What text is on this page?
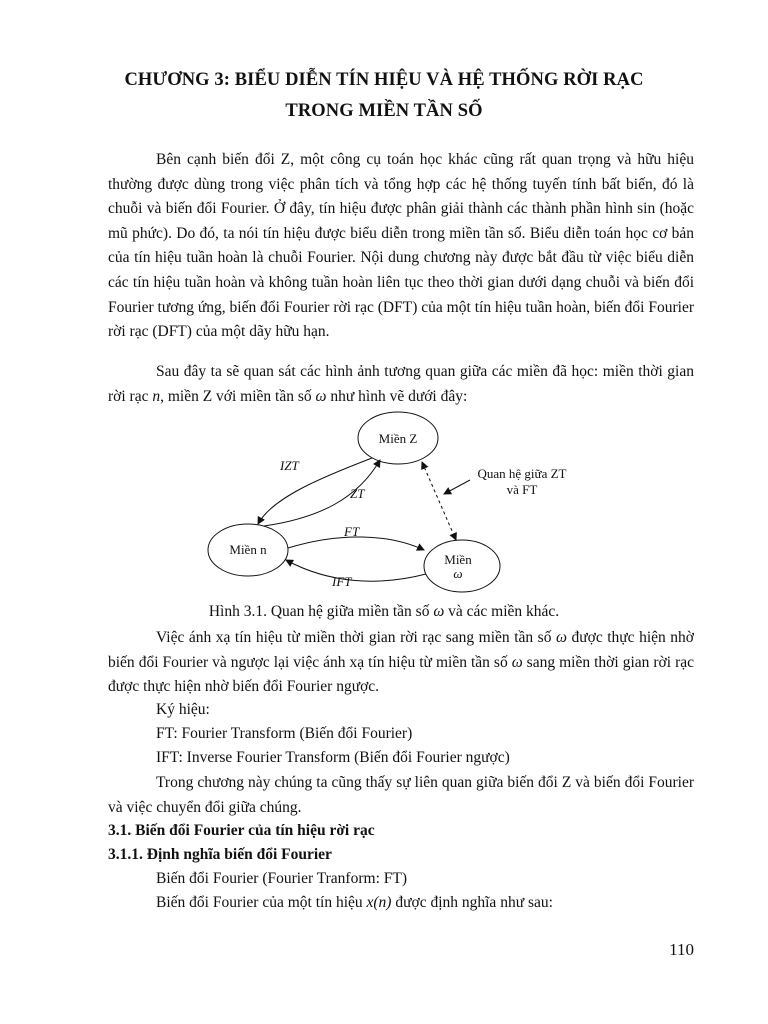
CHƯƠNG 3: BIỂU DIỄN TÍN HIỆU VÀ HỆ THỐNG RỜI RẠC
TRONG MIỀN TẦN SỐ

Bên cạnh biến đổi Z, một công cụ toán học khác cũng rất quan trọng và hữu hiệu thường được dùng trong việc phân tích và tổng hợp các hệ thống tuyến tính bất biến, đó là chuỗi và biến đổi Fourier. Ở đây, tín hiệu được phân giải thành các thành phần hình sin (hoặc mũ phức). Do đó, ta nói tín hiệu được biểu diễn trong miền tần số. Biểu diễn toán học cơ bản của tín hiệu tuần hoàn là chuỗi Fourier. Nội dung chương này được bắt đầu từ việc biểu diễn các tín hiệu tuần hoàn và không tuần hoàn liên tục theo thời gian dưới dạng chuỗi và biến đổi Fourier tương ứng, biến đổi Fourier rời rạc (DFT) của một tín hiệu tuần hoàn, biến đổi Fourier rời rạc (DFT) của một dãy hữu hạn.

Sau đây ta sẽ quan sát các hình ảnh tương quan giữa các miền đã học: miền thời gian rời rạc n, miền Z với miền tần số ω như hình vẽ dưới đây:

Miền Z
Miền n
Miền
ω
IZT
ZT
FT
IFT
Quan hệ giữa ZT
và FT
Hình 3.1. Quan hệ giữa miền tần số ω và các miền khác.

Việc ánh xạ tín hiệu từ miền thời gian rời rạc sang miền tần số ω được thực hiện nhờ biến đổi Fourier và ngược lại việc ánh xạ tín hiệu từ miền tần số ω sang miền thời gian rời rạc được thực hiện nhờ biến đổi Fourier ngược.

Ký hiệu:
FT: Fourier Transform (Biến đổi Fourier)
IFT: Inverse Fourier Transform (Biến đổi Fourier ngược)

Trong chương này chúng ta cũng thấy sự liên quan giữa biến đổi Z và biến đổi Fourier và việc chuyển đổi giữa chúng.

3.1. Biến đổi Fourier của tín hiệu rời rạc
3.1.1. Định nghĩa biến đổi Fourier
Biến đổi Fourier (Fourier Tranform: FT)
Biến đổi Fourier của một tín hiệu x(n) được định nghĩa như sau:
110
